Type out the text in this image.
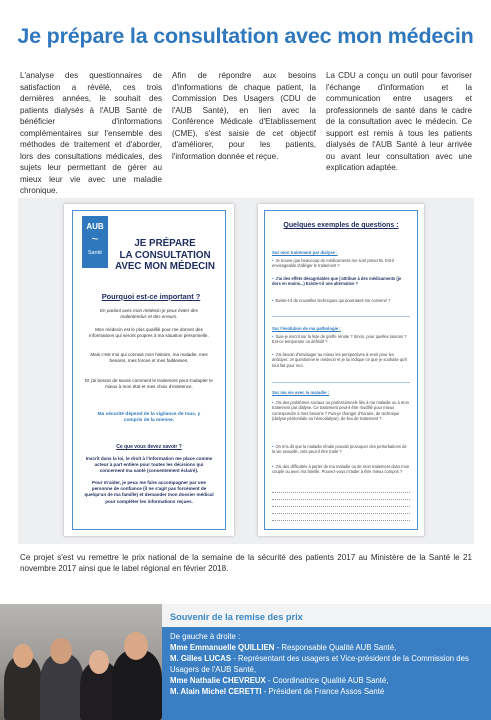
Je prépare la consultation avec mon médecin
L'analyse des questionnaires de satisfaction a révélé, ces trois dernières années, le souhait des patients dialysés à l'AUB Santé de bénéficier d'informations complémentaires sur l'ensemble des méthodes de traitement et d'aborder, lors des consultations médicales, des sujets leur permettant de gérer au mieux leur vie avec une maladie chronique.
Afin de répondre aux besoins d'informations de chaque patient, la Commission Des Usagers (CDU de l'AUB Santé), en lien avec la Conférence Médicale d'Etablissement (CME), s'est saisie de cet objectif d'améliorer, pour les patients, l'information donnée et reçue.
La CDU a conçu un outil pour favoriser l'échange d'information et la communication entre usagers et professionnels de santé dans le cadre de la consultation avec le médecin. Ce support est remis à tous les patients dialysés de l'AUB Santé à leur arrivée ou avant leur consultation avec une explication adaptée.
AUB
~
Santé
JE PRÉPARE
LA CONSULTATION
AVEC MON MÉDECIN
Pourquoi est-ce important ?
En parlant avec mon médecin je peux éviter des malentendus et des erreurs.
Mon médecin est le plus qualifié pour me donner des informations qui seront propres à ma situation personnelle.
Mais c'est moi qui connais mon histoire, ma maladie, mes besoins, mes forces et mes faiblesses.
Et j'ai besoin de savoir comment le traitement peut s'adapter le mieux à mon état et mes choix d'existence.
Ma sécurité dépend de la vigilance de tous, y compris de la mienne.
Ce que vous devez savoir ?
Inscrit dans la loi, le droit à l'information me place comme acteur à part entière pour toutes les décisions qui concernent ma santé (consentement éclairé).
Pour m'aider, je peux me faire accompagner par une personne de confiance (il ne s'agit pas forcément de quelqu'un de ma famille) et demander mon dossier médical pour compléter les informations reçues.
Quelques exemples de questions :
Sur mon traitement par dialyse :
• Je trouve que beaucoup de médicaments me sont prescrits. Est-il envisageable d'alléger le traitement ?
• J'ai des effets désagréables que j'attribue à des médicaments (je dors en moins...) Existe-t-il une alternative ?
• Existe-t-il de nouvelles techniques qui pourraient me convenir ?
Sur l'évolution de ma pathologie :
• Suis-je inscrit sur la liste de greffe rénale ? Sinon, pour quelles raisons ? Est-ce temporaire ou définitif ?
• J'ai besoin d'envisager au mieux les perspectives à venir pour les anticiper. Je questionne le médecin et je lui indique ce que je souhaite qu'il tout fait pour moi.
Sur ma vie avec la maladie :
• J'ai des problèmes sociaux ou professionnels liés à ma maladie ou à mon traitement par dialyse. Ce traitement peut-il être modifié pour mieux correspondre à mes besoins ? Puis-je changer d'horaire, de technique (dialyse péritonéale ou hémodialyse), de lieu de traitement ?
• On m'a dit que la maladie rénale pouvait provoquer des perturbations de la vie sexuelle, cela peut-il être traité ?
• J'ai des difficultés à parler de ma maladie ou de mon traitement dans mon couple ou avec ma famille. Pouvez-vous m'aider à être mieux compris ?
Ce projet s'est vu remettre le prix national de la semaine de la sécurité des patients 2017 au Ministère de la Santé le 21 novembre 2017 ainsi que le label régional en février 2018.
Souvenir de la remise des prix
De gauche à droite :
Mme Emmanuelle QUILLIEN - Responsable Qualité AUB Santé,
M. Gilles LUCAS - Représentant des usagers et Vice-président de la Commission des Usagers de l'AUB Santé,
Mme Nathalie CHEVREUX - Coordinatrice Qualité AUB Santé,
M. Alain Michel CERETTI - Président de France Assos Santé
